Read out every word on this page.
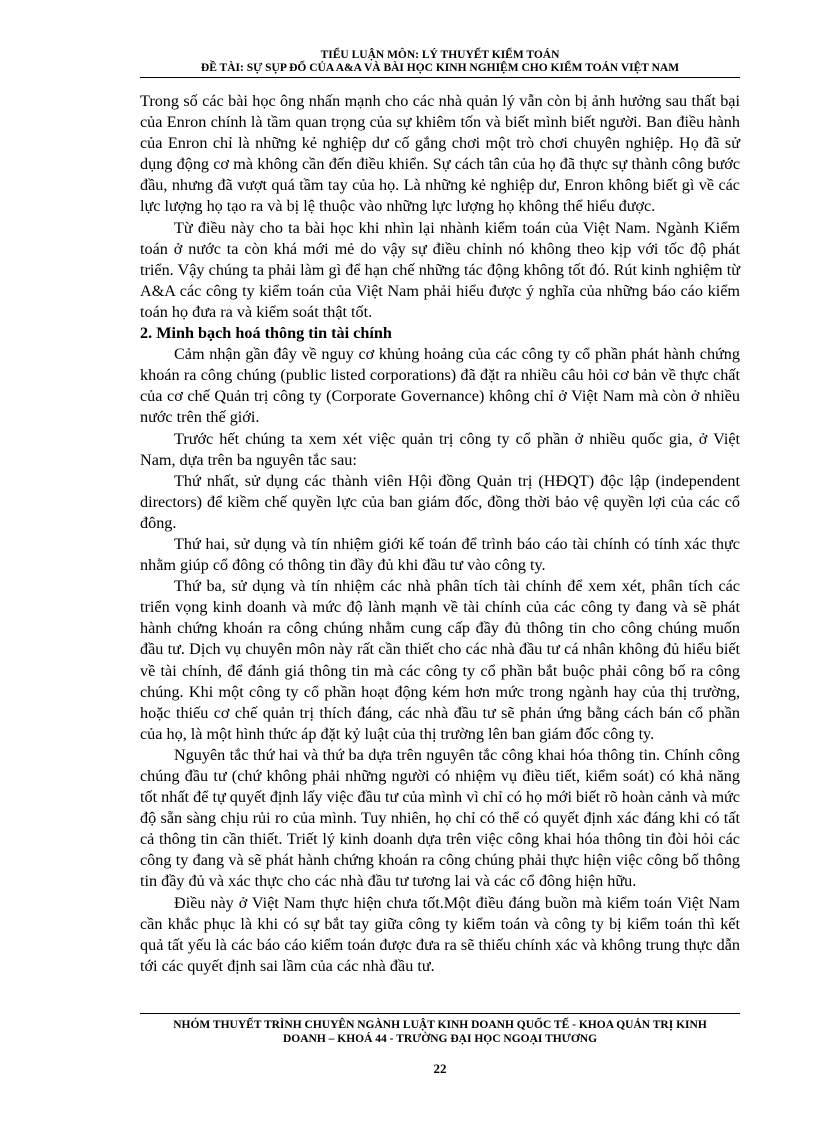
TIỂU LUẬN MÔN: LÝ THUYẾT KIỂM TOÁN
ĐỀ TÀI: SỰ SỤP ĐỔ CỦA A&A VÀ BÀI HỌC KINH NGHIỆM CHO KIỂM TOÁN VIỆT NAM

Trong số các bài học ông nhấn mạnh cho các nhà quản lý vẫn còn bị ảnh hưởng sau thất bại của Enron chính là tầm quan trọng của sự khiêm tốn và biết mình biết người. Ban điều hành của Enron chỉ là những kẻ nghiệp dư cố gắng chơi một trò chơi chuyên nghiệp. Họ đã sử dụng động cơ mà không cần đến điều khiển. Sự cách tân của họ đã thực sự thành công bước đầu, nhưng đã vượt quá tầm tay của họ. Là những kẻ nghiệp dư, Enron không biết gì về các lực lượng họ tạo ra và bị lệ thuộc vào những lực lượng họ không thể hiểu được.

Từ điều này cho ta bài học khi nhìn lại nhành kiểm toán của Việt Nam. Ngành Kiểm toán ở nước ta còn khá mới mẻ do vậy sự điều chỉnh nó không theo kịp với tốc độ phát triển. Vậy chúng ta phải làm gì để hạn chế những tác động không tốt đó. Rút kinh nghiệm từ A&A các công ty kiểm toán của Việt Nam phải hiểu được ý nghĩa của những báo cáo kiểm toán họ đưa ra và kiểm soát thật tốt.

2. Minh bạch hoá thông tin tài chính

Cảm nhận gần đây về nguy cơ khủng hoảng của các công ty cổ phần phát hành chứng khoán ra công chúng (public listed corporations) đã đặt ra nhiều câu hỏi cơ bản về thực chất của cơ chế Quản trị công ty (Corporate Governance) không chỉ ở Việt Nam mà còn ở nhiều nước trên thế giới.

Trước hết chúng ta xem xét việc quản trị công ty cổ phần ở nhiều quốc gia, ở Việt Nam, dựa trên ba nguyên tắc sau:

Thứ nhất, sử dụng các thành viên Hội đồng Quản trị (HĐQT) độc lập (independent directors) để kiềm chế quyền lực của ban giám đốc, đồng thời bảo vệ quyền lợi của các cổ đông.

Thứ hai, sử dụng và tín nhiệm giới kế toán để trình báo cáo tài chính có tính xác thực nhằm giúp cổ đông có thông tin đầy đủ khi đầu tư vào công ty.

Thứ ba, sử dụng và tín nhiệm các nhà phân tích tài chính để xem xét, phân tích các triển vọng kinh doanh và mức độ lành mạnh về tài chính của các công ty đang và sẽ phát hành chứng khoán ra công chúng nhằm cung cấp đầy đủ thông tin cho công chúng muốn đầu tư. Dịch vụ chuyên môn này rất cần thiết cho các nhà đầu tư cá nhân không đủ hiểu biết về tài chính, để đánh giá thông tin mà các công ty cổ phần bắt buộc phải công bố ra công chúng. Khi một công ty cổ phần hoạt động kém hơn mức trong ngành hay của thị trường, hoặc thiếu cơ chế quản trị thích đáng, các nhà đầu tư sẽ phản ứng bằng cách bán cổ phần của họ, là một hình thức áp đặt kỷ luật của thị trường lên ban giám đốc công ty.

Nguyên tắc thứ hai và thứ ba dựa trên nguyên tắc công khai hóa thông tin. Chính công chúng đầu tư (chứ không phải những người có nhiệm vụ điều tiết, kiểm soát) có khả năng tốt nhất để tự quyết định lấy việc đầu tư của mình vì chỉ có họ mới biết rõ hoàn cảnh và mức độ sẵn sàng chịu rủi ro của mình. Tuy nhiên, họ chỉ có thể có quyết định xác đáng khi có tất cả thông tin cần thiết. Triết lý kinh doanh dựa trên việc công khai hóa thông tin đòi hỏi các công ty đang và sẽ phát hành chứng khoán ra công chúng phải thực hiện việc công bố thông tin đầy đủ và xác thực cho các nhà đầu tư tương lai và các cổ đông hiện hữu.

Điều này ở Việt Nam thực hiện chưa tốt.Một điều đáng buồn mà kiểm toán Việt Nam cần khắc phục là khi có sự bắt tay giữa công ty kiểm toán và công ty bị kiểm toán thì kết quả tất yếu là các báo cáo kiểm toán được đưa ra sẽ thiếu chính xác và không trung thực dẫn tới các quyết định sai lầm của các nhà đầu tư.

NHÓM THUYẾT TRÌNH CHUYÊN NGÀNH LUẬT KINH DOANH QUỐC TẾ - KHOA QUẢN TRỊ KINH
DOANH – KHOÁ 44 - TRƯỜNG ĐẠI HỌC NGOẠI THƯƠNG
22
